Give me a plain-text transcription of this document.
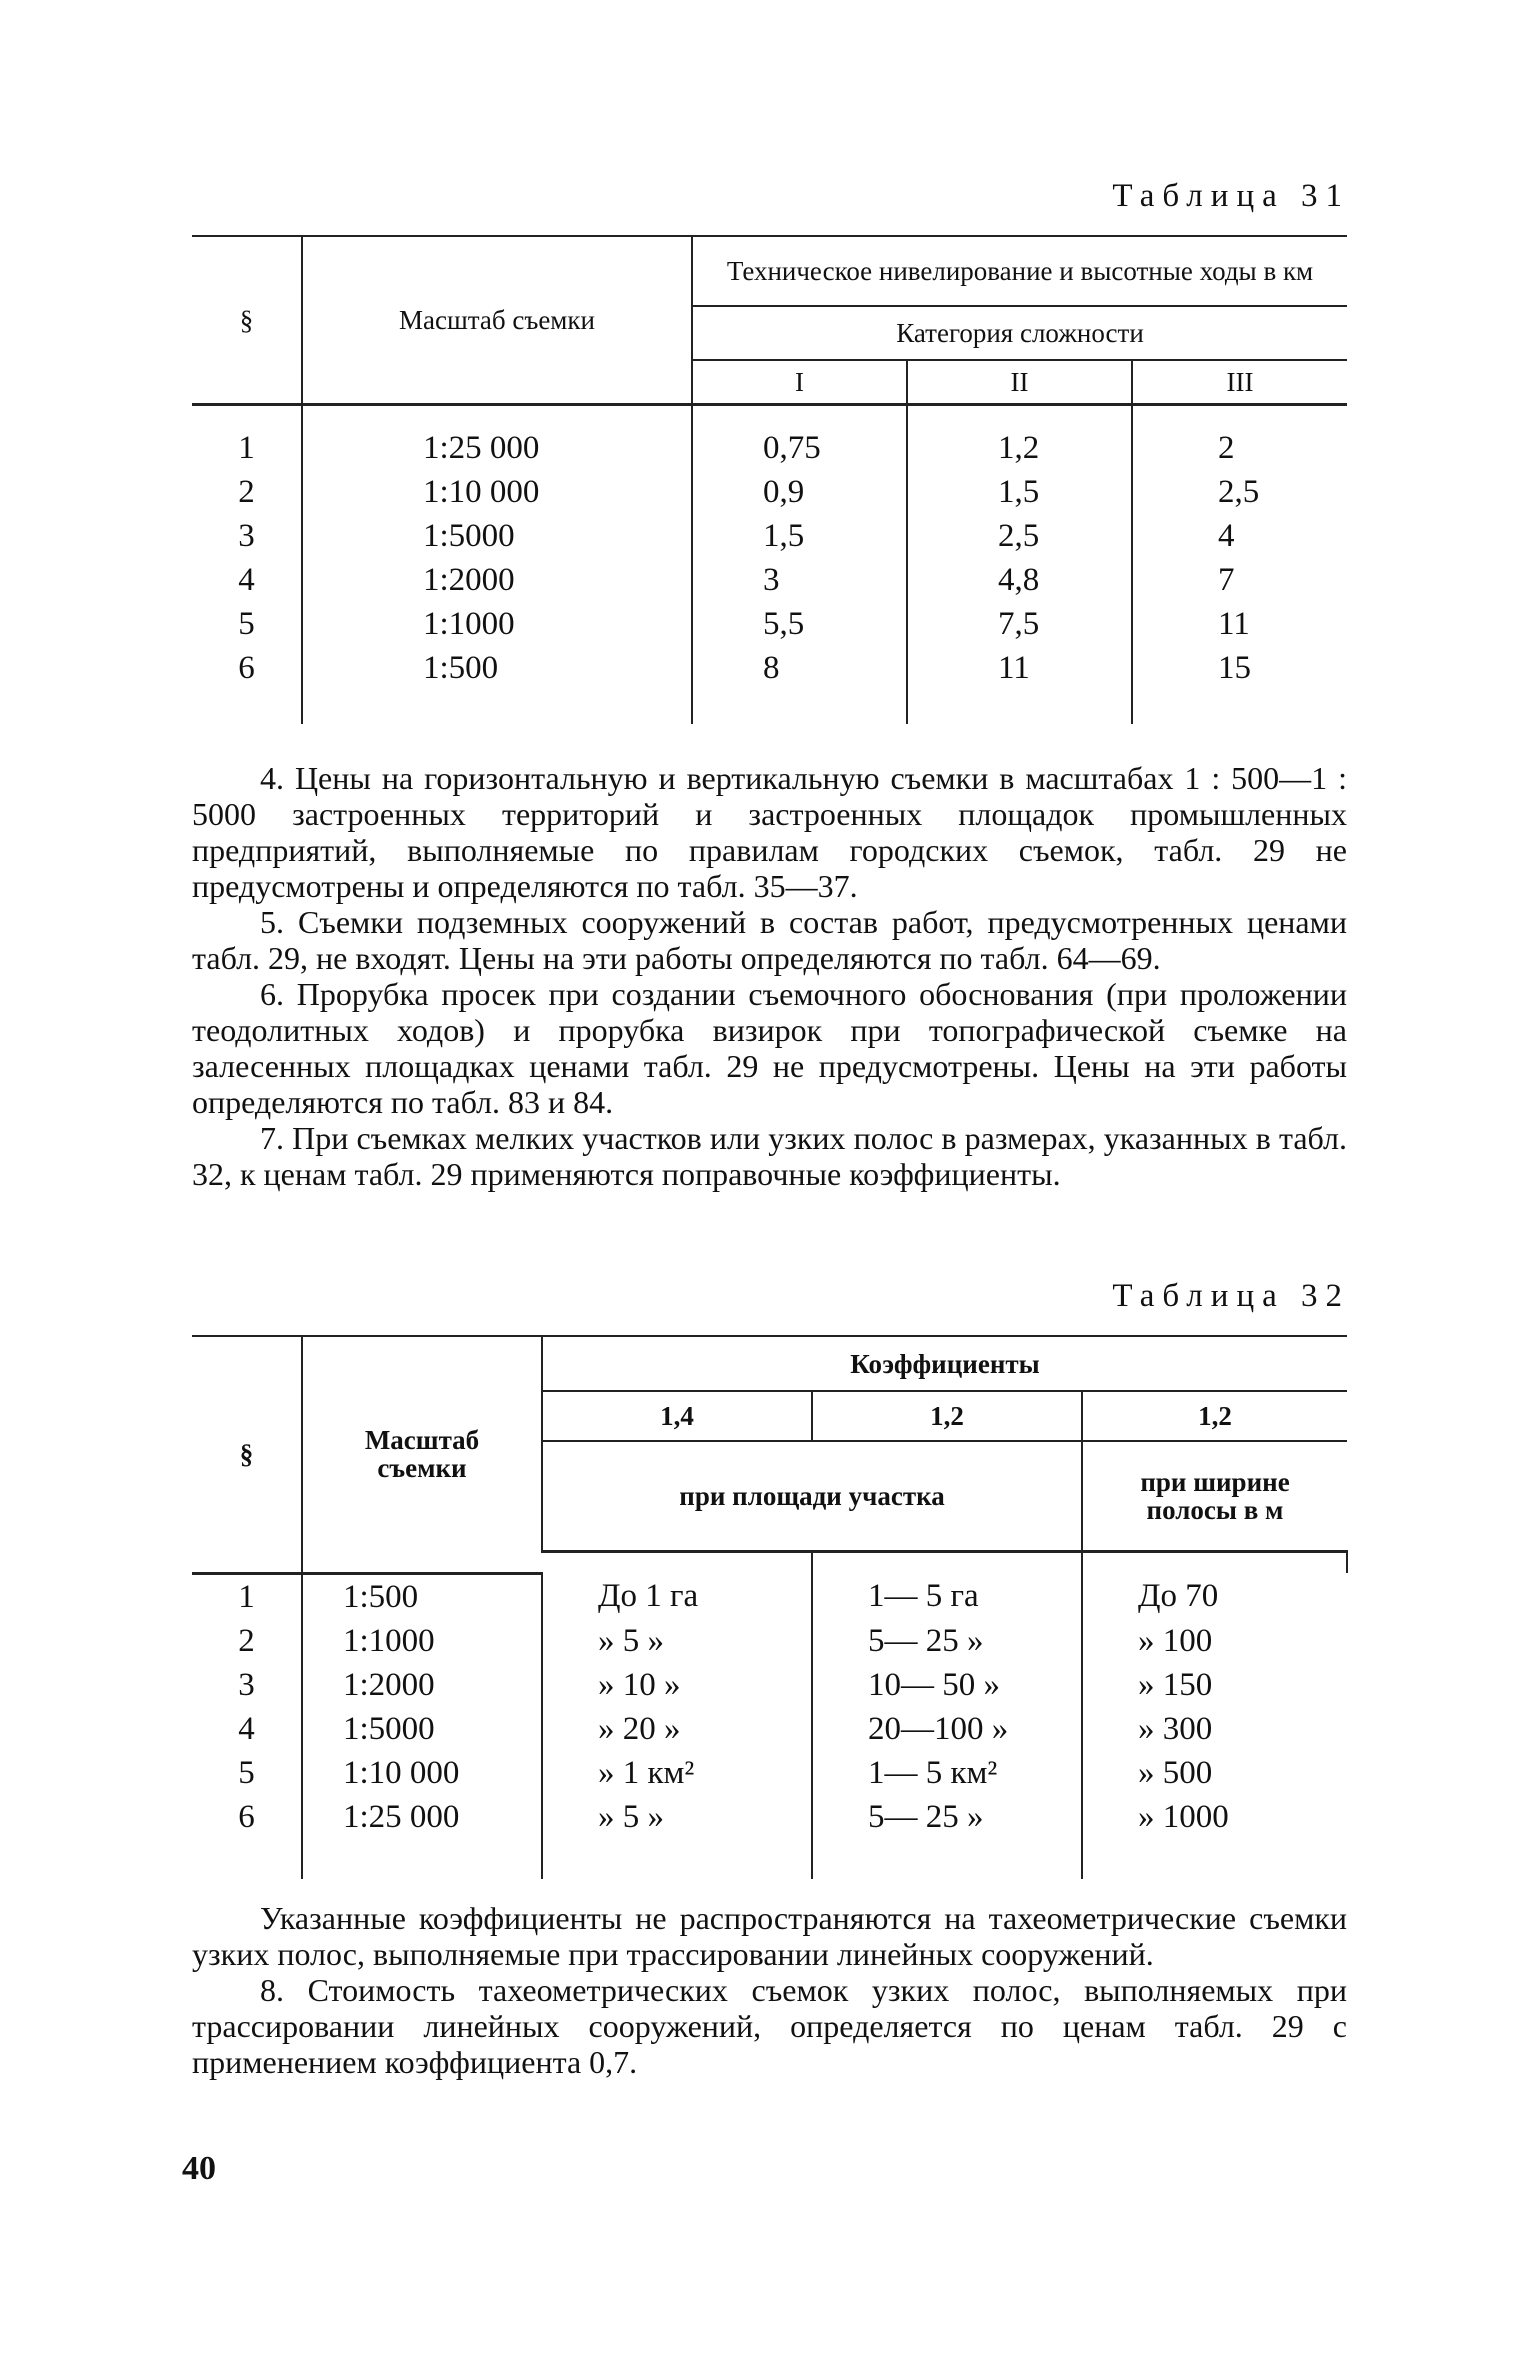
Таблица 31
§	Масштаб съемки	Техническое нивелирование и высотные ходы в км		
		Категория сложности		
		I	II	III

1	1:25 000	0,75	1,2	2
2	1:10 000	0,9	1,5	2,5
3	1:5000	1,5	2,5	4
4	1:2000	3	4,8	7
5	1:1000	5,5	7,5	11
6	1:500	8	11	15

4. Цены на горизонтальную и вертикальную съемки в масштабах 1 : 500—1 : 5000 застроенных территорий и застроенных площадок промышленных предприятий, выполняемые по правилам городских съемок, табл. 29 не предусмотрены и определяются по табл. 35—37.

5. Съемки подземных сооружений в состав работ, предусмотренных ценами табл. 29, не входят. Цены на эти работы определяются по табл. 64—69.

6. Прорубка просек при создании съемочного обоснования (при проложении теодолитных ходов) и прорубка визирок при топографической съемке на залесенных площадках ценами табл. 29 не предусмотрены. Цены на эти работы определяются по табл. 83 и 84.

7. При съемках мелких участков или узких полос в размерах, указанных в табл. 32, к ценам табл. 29 применяются поправочные коэффициенты.

Таблица 32
§	Масштаб съемки	Коэффициенты			
		1,4	1,2	1,2	
		при площади участка		при ширине полосы в м	

1	1:500	До 1 га	1— 5 га	До 70	
2	1:1000	» 5 »	5— 25 »	» 100	
3	1:2000	» 10 »	10— 50 »	» 150	
4	1:5000	» 20 »	20—100 »	» 300	
5	1:10 000	» 1 км²	1— 5 км²	» 500	
6	1:25 000	» 5 »	5— 25 »	» 1000	

Указанные коэффициенты не распространяются на тахеометрические съемки узких полос, выполняемые при трассировании линейных сооружений.

8. Стоимость тахеометрических съемок узких полос, выполняемых при трассировании линейных сооружений, определяется по ценам табл. 29 с применением коэффициента 0,7.

40
